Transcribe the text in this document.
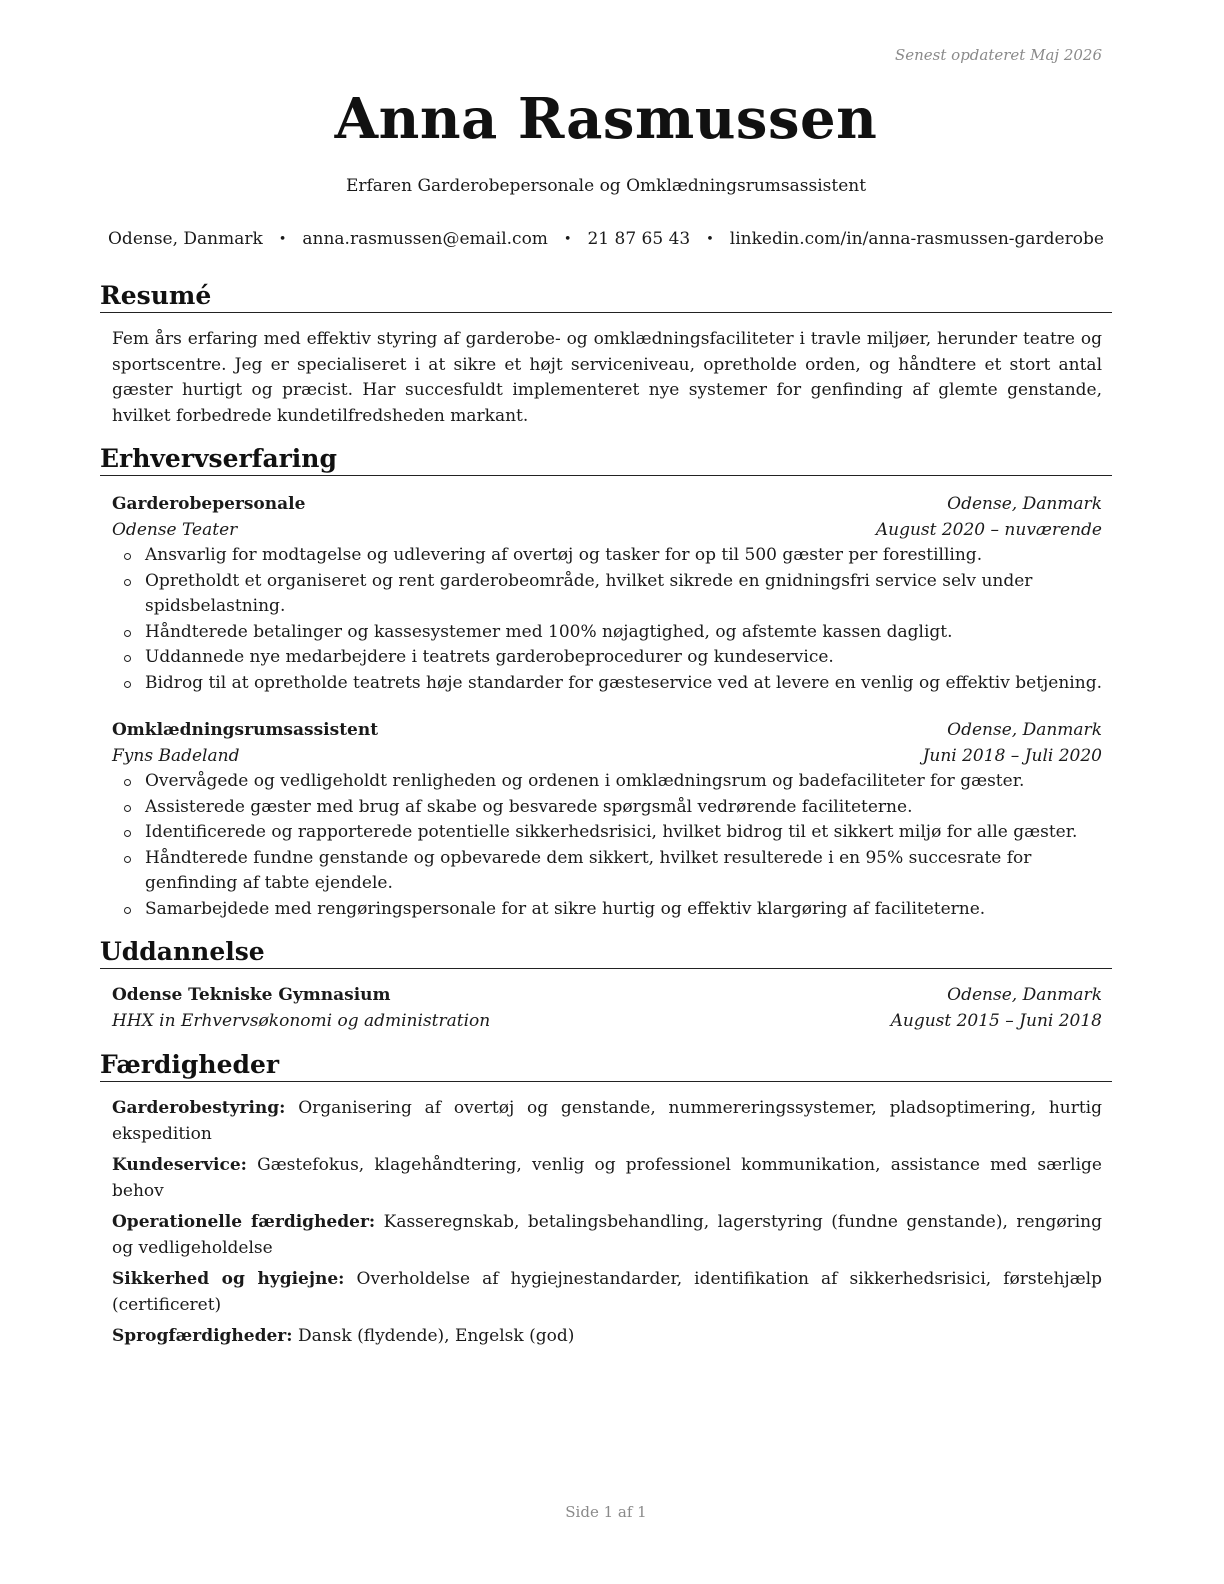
Senest opdateret Maj 2026
Anna Rasmussen
Erfaren Garderobepersonale og Omklædningsrumsassistent
Odense, Danmark • anna.rasmussen@email.com • 21 87 65 43 • linkedin.com/in/anna-rasmussen-garderobe
Resumé
Fem års erfaring med effektiv styring af garderobe- og omklædningsfaciliteter i travle miljøer, herunder teatre og sportscentre. Jeg er specialiseret i at sikre et højt serviceniveau, opretholde orden, og håndtere et stort antal gæster hurtigt og præcist. Har succesfuldt implementeret nye systemer for genfinding af glemte genstande, hvilket forbedrede kundetilfredsheden markant.
Erhvervserfaring
Garderobepersonale	Odense, Danmark
Odense Teater	August 2020 – nuværende
Ansvarlig for modtagelse og udlevering af overtøj og tasker for op til 500 gæster per forestilling.
Opretholdt et organiseret og rent garderobeområde, hvilket sikrede en gnidningsfri service selv under spidsbelastning.
Håndterede betalinger og kassesystemer med 100% nøjagtighed, og afstemte kassen dagligt.
Uddannede nye medarbejdere i teatrets garderobeprocedurer og kundeservice.
Bidrog til at opretholde teatrets høje standarder for gæsteservice ved at levere en venlig og effektiv betjening.
Omklædningsrumsassistent	Odense, Danmark
Fyns Badeland	Juni 2018 – Juli 2020
Overvågede og vedligeholdt renligheden og ordenen i omklædningsrum og badefaciliteter for gæster.
Assisterede gæster med brug af skabe og besvarede spørgsmål vedrørende faciliteterne.
Identificerede og rapporterede potentielle sikkerhedsrisici, hvilket bidrog til et sikkert miljø for alle gæster.
Håndterede fundne genstande og opbevarede dem sikkert, hvilket resulterede i en 95% succesrate for genfinding af tabte ejendele.
Samarbejdede med rengøringspersonale for at sikre hurtig og effektiv klargøring af faciliteterne.
Uddannelse
Odense Tekniske Gymnasium	Odense, Danmark
HHX in Erhvervsøkonomi og administration	August 2015 – Juni 2018
Færdigheder
Garderobestyring: Organisering af overtøj og genstande, nummereringssystemer, pladsoptimering, hurtig ekspedition
Kundeservice: Gæstefokus, klagehåndtering, venlig og professionel kommunikation, assistance med særlige behov
Operationelle færdigheder: Kasseregnskab, betalingsbehandling, lagerstyring (fundne genstande), rengøring og vedligeholdelse
Sikkerhed og hygiejne: Overholdelse af hygiejnestandarder, identifikation af sikkerhedsrisici, førstehjælp (certificeret)
Sprogfærdigheder: Dansk (flydende), Engelsk (god)
Side 1 af 1
